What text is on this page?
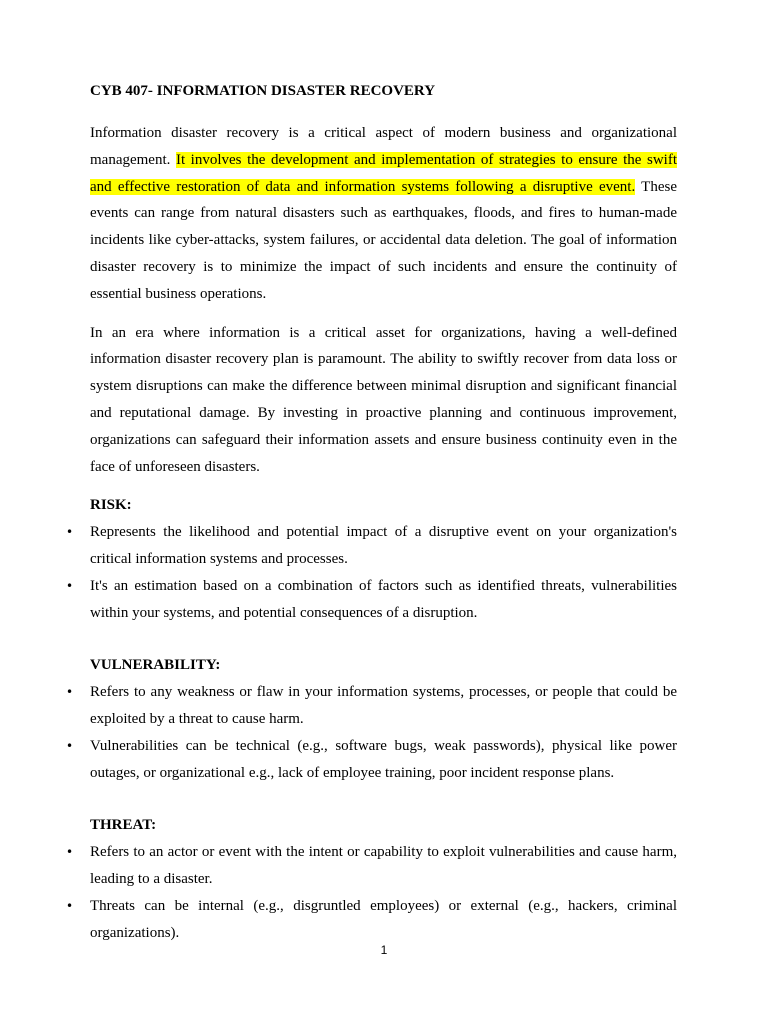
CYB 407- INFORMATION DISASTER RECOVERY

Information disaster recovery is a critical aspect of modern business and organizational management. It involves the development and implementation of strategies to ensure the swift and effective restoration of data and information systems following a disruptive event. These events can range from natural disasters such as earthquakes, floods, and fires to human-made incidents like cyber-attacks, system failures, or accidental data deletion. The goal of information disaster recovery is to minimize the impact of such incidents and ensure the continuity of essential business operations.

In an era where information is a critical asset for organizations, having a well-defined information disaster recovery plan is paramount. The ability to swiftly recover from data loss or system disruptions can make the difference between minimal disruption and significant financial and reputational damage. By investing in proactive planning and continuous improvement, organizations can safeguard their information assets and ensure business continuity even in the face of unforeseen disasters.

RISK:
• Represents the likelihood and potential impact of a disruptive event on your organization's critical information systems and processes.
• It's an estimation based on a combination of factors such as identified threats, vulnerabilities within your systems, and potential consequences of a disruption.
VULNERABILITY:
• Refers to any weakness or flaw in your information systems, processes, or people that could be exploited by a threat to cause harm.
• Vulnerabilities can be technical (e.g., software bugs, weak passwords), physical like power outages, or organizational e.g., lack of employee training, poor incident response plans.
THREAT:
• Refers to an actor or event with the intent or capability to exploit vulnerabilities and cause harm, leading to a disaster.
• Threats can be internal (e.g., disgruntled employees) or external (e.g., hackers, criminal organizations).
1
